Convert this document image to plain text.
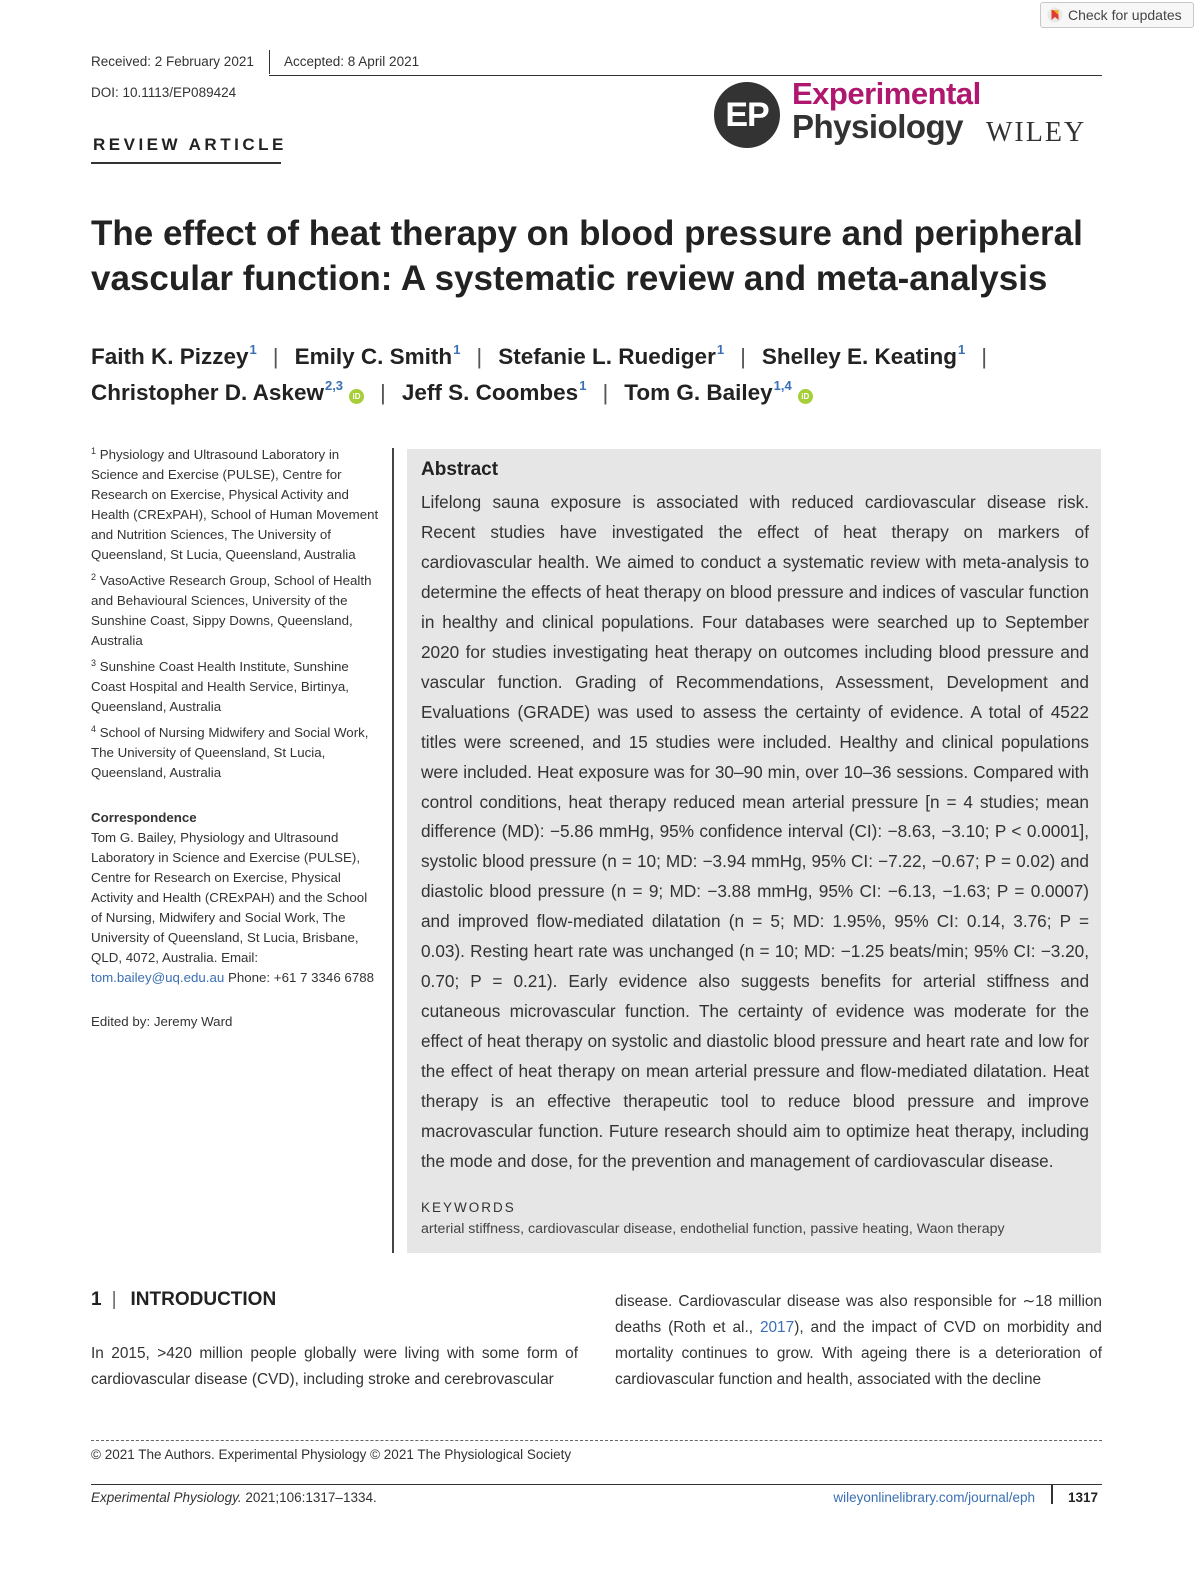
Check for updates
Received: 2 February 2021 Accepted: 8 April 2021
DOI: 10.1113/EP089424
REVIEW ARTICLE
EP
Experimental
Physiology WILEY
The effect of heat therapy on blood pressure and peripheral vascular function: A systematic review and meta-analysis
Faith K. Pizzey$^1$ | Emily C. Smith$^1$ | Stefanie L. Ruediger$^1$ | Shelley E. Keating$^1$ |
Christopher D. Askew$^{2,3}$iD | Jeff S. Coombes$^1$ | Tom G. Bailey$^{1,4}$iD
$^1$ Physiology and Ultrasound Laboratory in Science and Exercise (PULSE), Centre for Research on Exercise, Physical Activity and Health (CRExPAH), School of Human Movement and Nutrition Sciences, The University of Queensland, St Lucia, Queensland, Australia
$^2$ VasoActive Research Group, School of Health and Behavioural Sciences, University of the Sunshine Coast, Sippy Downs, Queensland, Australia
$^3$ Sunshine Coast Health Institute, Sunshine Coast Hospital and Health Service, Birtinya, Queensland, Australia
$^4$ School of Nursing Midwifery and Social Work, The University of Queensland, St Lucia, Queensland, Australia
Correspondence
Tom G. Bailey, Physiology and Ultrasound Laboratory in Science and Exercise (PULSE), Centre for Research on Exercise, Physical Activity and Health (CRExPAH) and the School of Nursing, Midwifery and Social Work, The University of Queensland, St Lucia, Brisbane, QLD, 4072, Australia. Email: tom.bailey@uq.edu.au Phone: +61 7 3346 6788
Edited by: Jeremy Ward
Abstract
Lifelong sauna exposure is associated with reduced cardiovascular disease risk. Recent studies have investigated the effect of heat therapy on markers of cardiovascular health. We aimed to conduct a systematic review with meta-analysis to determine the effects of heat therapy on blood pressure and indices of vascular function in healthy and clinical populations. Four databases were searched up to September 2020 for studies investigating heat therapy on outcomes including blood pressure and vascular function. Grading of Recommendations, Assessment, Development and Evaluations (GRADE) was used to assess the certainty of evidence. A total of 4522 titles were screened, and 15 studies were included. Healthy and clinical populations were included. Heat exposure was for 30–90 min, over 10–36 sessions. Compared with control conditions, heat therapy reduced mean arterial pressure [n = 4 studies; mean difference (MD): −5.86 mmHg, 95% confidence interval (CI): −8.63, −3.10; P < 0.0001], systolic blood pressure (n = 10; MD: −3.94 mmHg, 95% CI: −7.22, −0.67; P = 0.02) and diastolic blood pressure (n = 9; MD: −3.88 mmHg, 95% CI: −6.13, −1.63; P = 0.0007) and improved flow-mediated dilatation (n = 5; MD: 1.95%, 95% CI: 0.14, 3.76; P = 0.03). Resting heart rate was unchanged (n = 10; MD: −1.25 beats/min; 95% CI: −3.20, 0.70; P = 0.21). Early evidence also suggests benefits for arterial stiffness and cutaneous microvascular function. The certainty of evidence was moderate for the effect of heat therapy on systolic and diastolic blood pressure and heart rate and low for the effect of heat therapy on mean arterial pressure and flow-mediated dilatation. Heat therapy is an effective therapeutic tool to reduce blood pressure and improve macrovascular function. Future research should aim to optimize heat therapy, including the mode and dose, for the prevention and management of cardiovascular disease.
KEYWORDS
arterial stiffness, cardiovascular disease, endothelial function, passive heating, Waon therapy
1 | INTRODUCTION
In 2015, >420 million people globally were living with some form of cardiovascular disease (CVD), including stroke and cerebrovascular
disease. Cardiovascular disease was also responsible for ∼18 million deaths (Roth et al., 2017), and the impact of CVD on morbidity and mortality continues to grow. With ageing there is a deterioration of cardiovascular function and health, associated with the decline
© 2021 The Authors. Experimental Physiology © 2021 The Physiological Society
Experimental Physiology. 2021;106:1317–1334.	wileyonlinelibrary.com/journal/eph 1317
